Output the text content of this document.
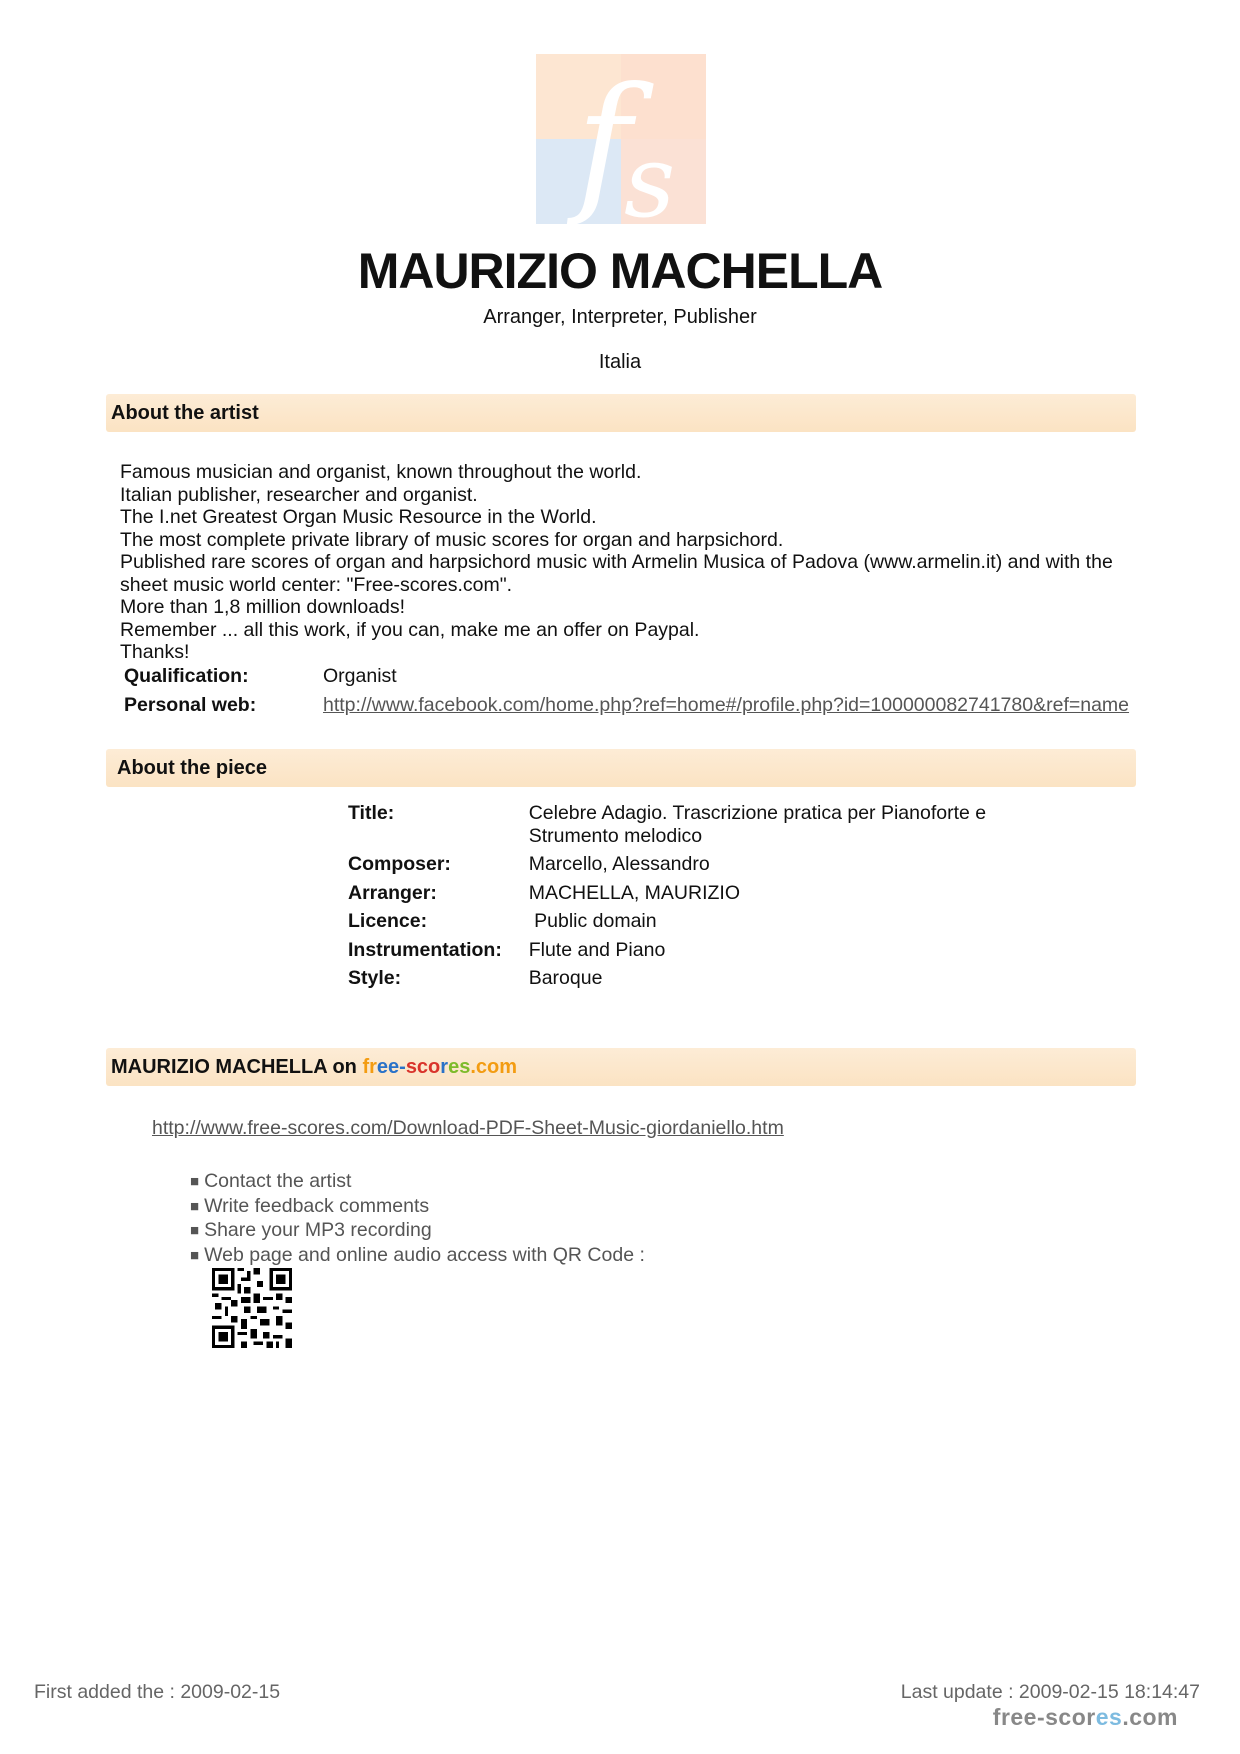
f
s
MAURIZIO MACHELLA
Arranger, Interpreter, Publisher
Italia
About the artist
Famous musician and organist, known throughout the world.
Italian publisher, researcher and organist.
The I.net Greatest Organ Music Resource in the World.
The most complete private library of music scores for organ and harpsichord.
Published rare scores of organ and harpsichord music with Armelin Musica of Padova (www.armelin.it) and with the sheet music world center: "Free-scores.com".
More than 1,8 million downloads!
Remember ... all this work, if you can, make me an offer on Paypal.
Thanks!
Qualification:	Organist
Personal web:	http://www.facebook.com/home.php?ref=home#/profile.php?id=100000082741780&ref=name
About the piece
Title:	Celebre Adagio. Trascrizione pratica per Pianoforte e Strumento melodico
Composer:	Marcello, Alessandro
Arranger:	MACHELLA, MAURIZIO
Licence:	Public domain
Instrumentation:	Flute and Piano
Style:	Baroque
MAURIZIO MACHELLA on free-scores.com
http://www.free-scores.com/Download-PDF-Sheet-Music-giordaniello.htm
■ Contact the artist
■ Write feedback comments
■ Share your MP3 recording
■ Web page and online audio access with QR Code :
First added the : 2009-02-15	Last update : 2009-02-15 18:14:47
free-scores.com
